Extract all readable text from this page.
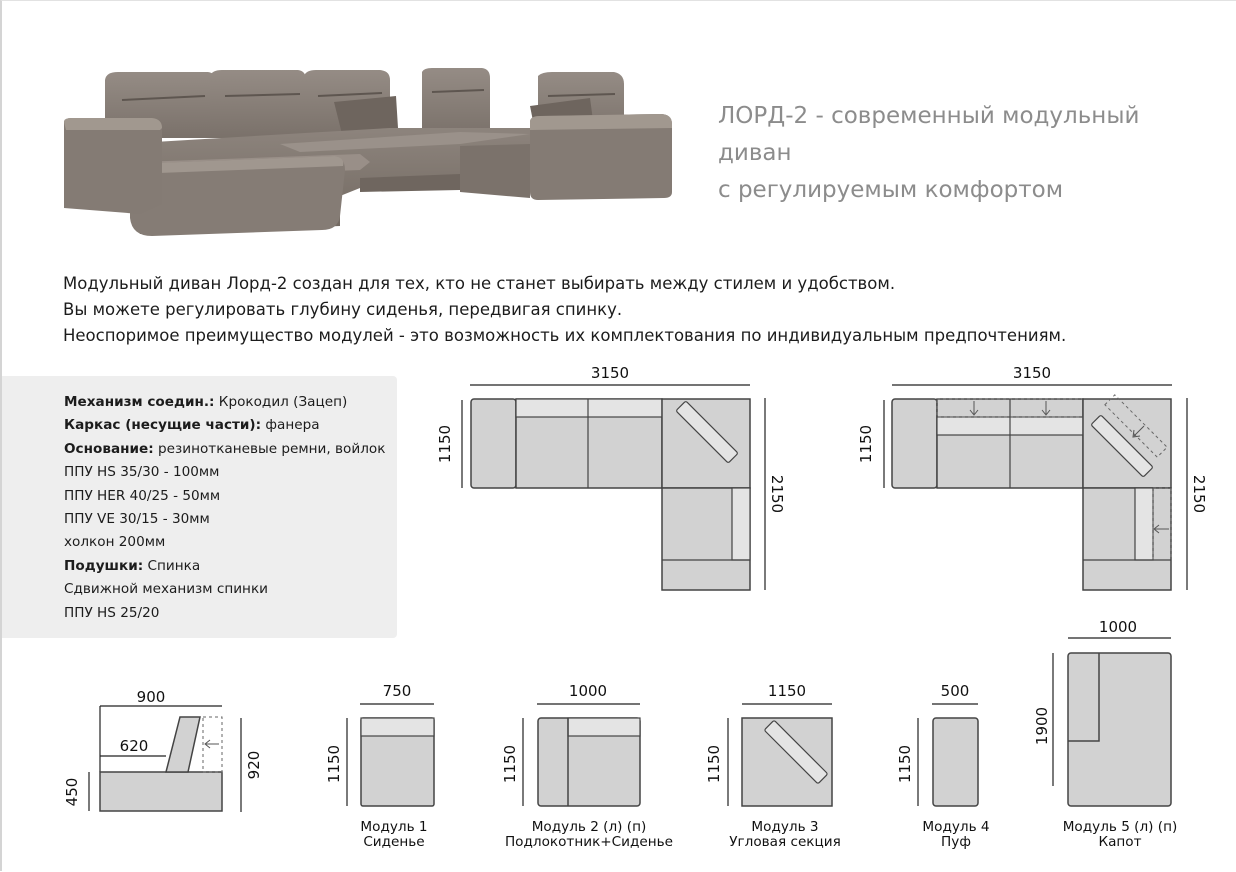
ЛОРД-2 - современный модульный диван
с регулируемым комфортом
Модульный диван Лорд-2 создан для тех, кто не станет выбирать между стилем и удобством.
Вы можете регулировать глубину сиденья, передвигая спинку.
Неоспоримое преимущество модулей - это возможность их комплектования по индивидуальным предпочтениям.
Механизм соедин.: Крокодил (Зацеп)
Каркас (несущие части): фанера
Основание: резинотканевые ремни, войлок
ППУ HS 35/30 - 100мм
ППУ HER 40/25 - 50мм
ППУ VE 30/15 - 30мм
холкон 200мм
Подушки: Спинка
Сдвижной механизм спинки
ППУ HS 25/20
3150
1150
2150
3150
1150
2150
900
620
920
450
1000
1900
Модуль 5 (л) (п)
Капот
750
1150
Модуль 1
Сиденье
1000
1150
Модуль 2 (л) (п)
Подлокотник+Сиденье
1150
1150
Модуль 3
Угловая секция
500
1150
Модуль 4
Пуф
